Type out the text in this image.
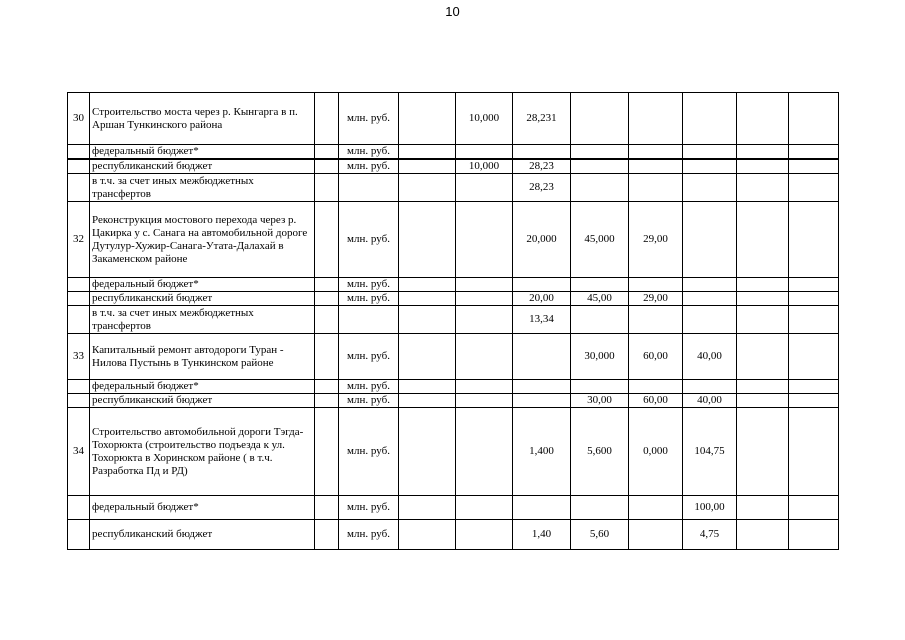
10
30	Строительство моста через р. Кынгарга в п. Аршан Тункинского района		млн. руб.		10,000	28,231					
	федеральный бюджет*		млн. руб.								
	республиканский бюджет		млн. руб.		10,000	28,23					
	в т.ч. за счет иных межбюджетных трансфертов					28,23					
32	Реконструкция мостового перехода через р. Цакирка у с. Санага на автомобильной дороге Дутулур-Хужир-Санага-Утата-Далахай в Закаменском районе		млн. руб.			20,000	45,000	29,00			
	федеральный бюджет*		млн. руб.								
	республиканский бюджет		млн. руб.			20,00	45,00	29,00			
	в т.ч. за счет иных межбюджетных трансфертов					13,34					
33	Капитальный ремонт автодороги Туран - Нилова Пустынь в Тункинском районе		млн. руб.				30,000	60,00	40,00		
	федеральный бюджет*		млн. руб.								
	республиканский бюджет		млн. руб.				30,00	60,00	40,00		
34	Строительство автомобильной дороги Тэгда-Тохорюкта (строительство подъезда к ул. Тохорюкта в Хоринском районе ( в т.ч. Разработка Пд и РД)		млн. руб.			1,400	5,600	0,000	104,75		
	федеральный бюджет*		млн. руб.						100,00		
	республиканский бюджет		млн. руб.			1,40	5,60		4,75		
